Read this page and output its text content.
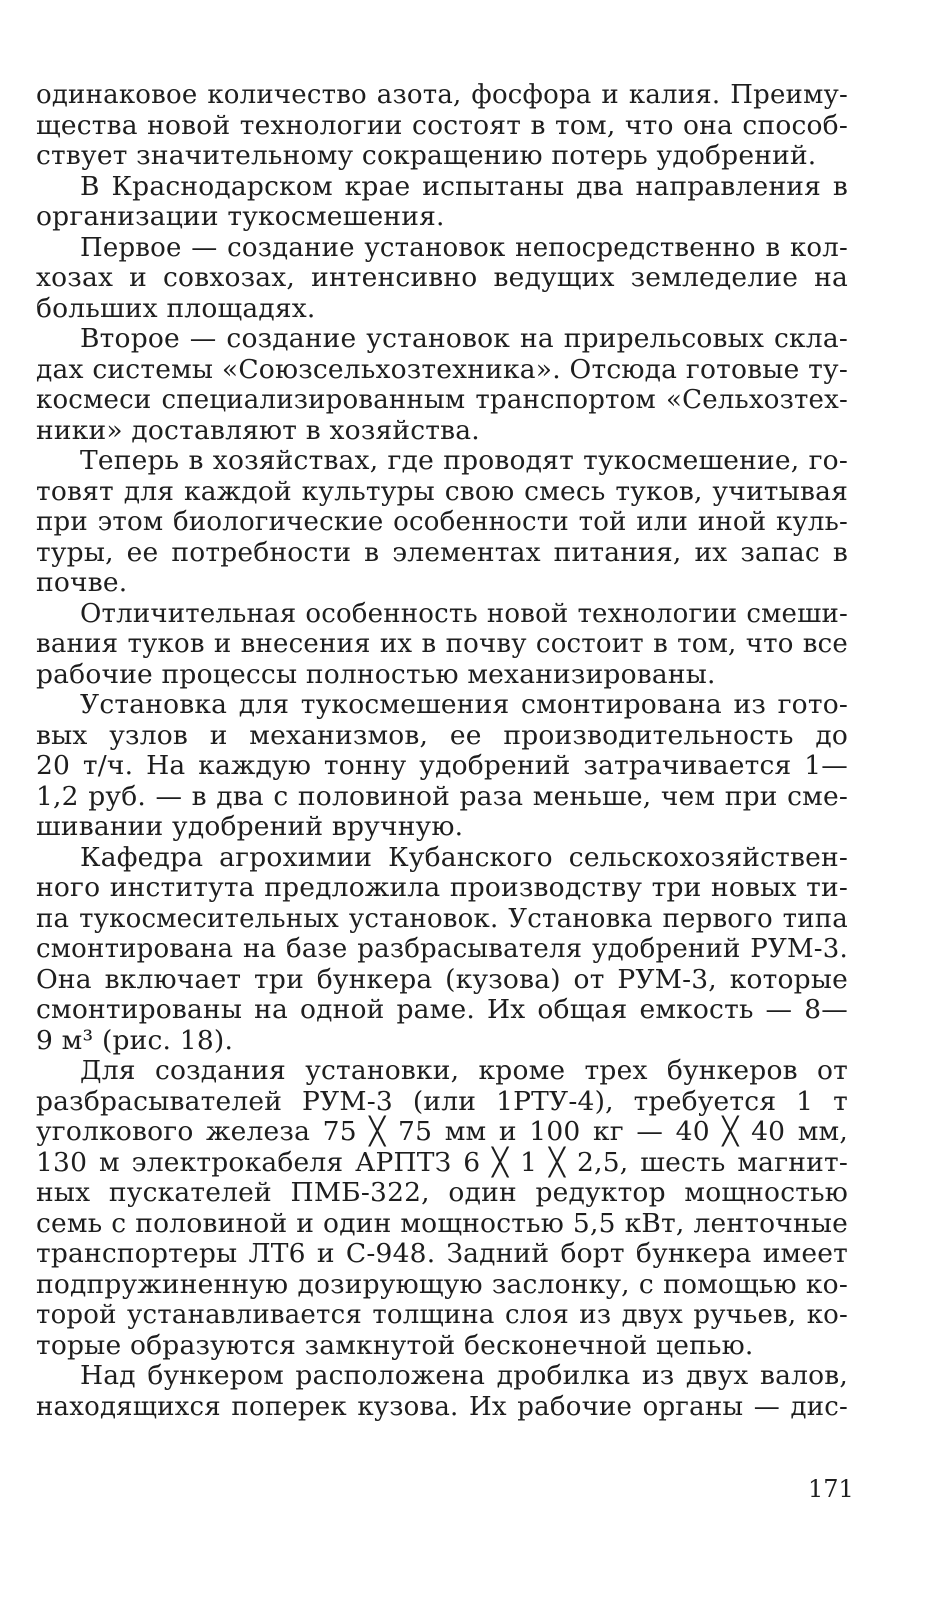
одинаковое количество азота, фосфора и калия. Преиму-
щества новой технологии состоят в том, что она способ-
ствует значительному сокращению потерь удобрений.
В Краснодарском крае испытаны два направления в
организации тукосмешения.
Первое — создание установок непосредственно в кол-
хозах и совхозах, интенсивно ведущих земледелие на
больших площадях.
Второе — создание установок на прирельсовых скла-
дах системы «Союзсельхозтехника». Отсюда готовые ту-
космеси специализированным транспортом «Сельхозтех-
ники» доставляют в хозяйства.
Теперь в хозяйствах, где проводят тукосмешение, го-
товят для каждой культуры свою смесь туков, учитывая
при этом биологические особенности той или иной куль-
туры, ее потребности в элементах питания, их запас в
почве.
Отличительная особенность новой технологии смеши-
вания туков и внесения их в почву состоит в том, что все
рабочие процессы полностью механизированы.
Установка для тукосмешения смонтирована из гото-
вых узлов и механизмов, ее производительность до
20 т/ч. На каждую тонну удобрений затрачивается 1—
1,2 руб. — в два с половиной раза меньше, чем при сме-
шивании удобрений вручную.
Кафедра агрохимии Кубанского сельскохозяйствен-
ного института предложила производству три новых ти-
па тукосмесительных установок. Установка первого типа
смонтирована на базе разбрасывателя удобрений РУМ-3.
Она включает три бункера (кузова) от РУМ-3, которые
смонтированы на одной раме. Их общая емкость — 8—
9 м³ (рис. 18).
Для создания установки, кроме трех бункеров от
разбрасывателей РУМ-3 (или 1РТУ-4), требуется 1 т
уголкового железа 75 ╳ 75 мм и 100 кг — 40 ╳ 40 мм,
130 м электрокабеля АРПТЗ 6 ╳ 1 ╳ 2,5, шесть магнит-
ных пускателей ПМБ-322, один редуктор мощностью
семь с половиной и один мощностью 5,5 кВт, ленточные
транспортеры ЛТ6 и С-948. Задний борт бункера имеет
подпружиненную дозирующую заслонку, с помощью ко-
торой устанавливается толщина слоя из двух ручьев, ко-
торые образуются замкнутой бесконечной цепью.
Над бункером расположена дробилка из двух валов,
находящихся поперек кузова. Их рабочие органы — дис-
171
